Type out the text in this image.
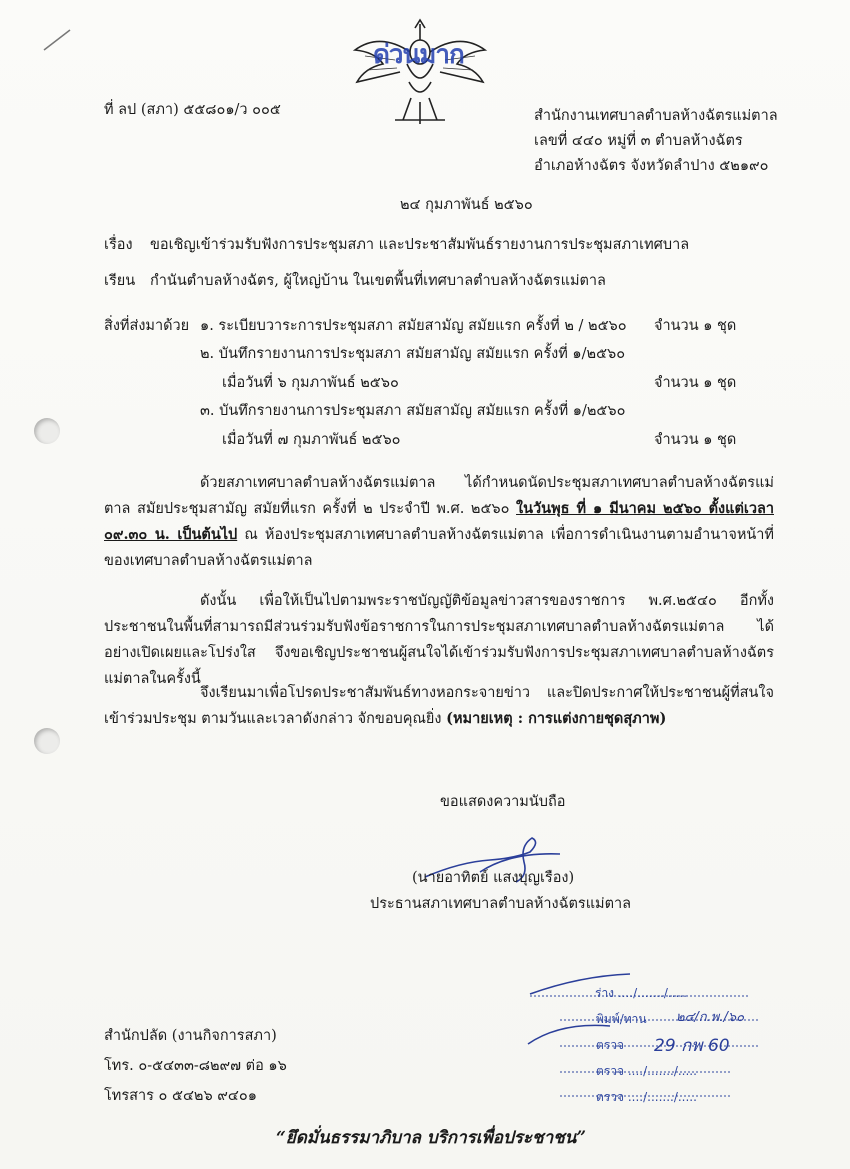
ด่วนมาก
ที่ ลป (สภา) ๕๕๘๐๑/ว ๐๐๕	สำนักงานเทศบาลตำบลห้างฉัตรแม่ตาล
เลขที่ ๔๔๐ หมู่ที่ ๓ ตำบลห้างฉัตร
อำเภอห้างฉัตร จังหวัดลำปาง ๕๒๑๙๐
๒๔ กุมภาพันธ์ ๒๕๖๐
เรื่อง ขอเชิญเข้าร่วมรับฟังการประชุมสภา และประชาสัมพันธ์รายงานการประชุมสภาเทศบาล
เรียน กำนันตำบลห้างฉัตร, ผู้ใหญ่บ้าน ในเขตพื้นที่เทศบาลตำบลห้างฉัตรแม่ตาล
สิ่งที่ส่งมาด้วย ๑. ระเบียบวาระการประชุมสภา สมัยสามัญ สมัยแรก ครั้งที่ ๒ / ๒๕๖๐ จำนวน ๑ ชุด
๒. บันทึกรายงานการประชุมสภา สมัยสามัญ สมัยแรก ครั้งที่ ๑/๒๕๖๐
เมื่อวันที่ ๖ กุมภาพันธ์ ๒๕๖๐	จำนวน ๑ ชุด
๓. บันทึกรายงานการประชุมสภา สมัยสามัญ สมัยแรก ครั้งที่ ๑/๒๕๖๐
เมื่อวันที่ ๗ กุมภาพันธ์ ๒๕๖๐	จำนวน ๑ ชุด
ด้วยสภาเทศบาลตำบลห้างฉัตรแม่ตาล ได้กำหนดนัดประชุมสภาเทศบาลตำบลห้างฉัตรแม่ตาล สมัยประชุมสามัญ สมัยที่แรก ครั้งที่ ๒ ประจำปี พ.ศ. ๒๕๖๐ ในวันพุธ ที่ ๑ มีนาคม ๒๕๖๐ ตั้งแต่เวลา ๐๙.๓๐ น. เป็นต้นไป ณ ห้องประชุมสภาเทศบาลตำบลห้างฉัตรแม่ตาล เพื่อการดำเนินงานตามอำนาจหน้าที่ของเทศบาลตำบลห้างฉัตรแม่ตาล
ดังนั้น เพื่อให้เป็นไปตามพระราชบัญญัติข้อมูลข่าวสารของราชการ พ.ศ.๒๕๔๐ อีกทั้งประชาชนในพื้นที่สามารถมีส่วนร่วมรับฟังข้อราชการในการประชุมสภาเทศบาลตำบลห้างฉัตรแม่ตาล ได้อย่างเปิดเผยและโปร่งใส จึงขอเชิญประชาชนผู้สนใจได้เข้าร่วมรับฟังการประชุมสภาเทศบาลตำบลห้างฉัตรแม่ตาลในครั้งนี้
จึงเรียนมาเพื่อโปรดประชาสัมพันธ์ทางหอกระจายข่าว และปิดประกาศให้ประชาชนผู้ที่สนใจเข้าร่วมประชุม ตามวันและเวลาดังกล่าว จักขอบคุณยิ่ง (หมายเหตุ : การแต่งกายชุดสุภาพ)
ขอแสดงความนับถือ
(นายอาทิตย์ แสงบุญเรือง)
ประธานสภาเทศบาลตำบลห้างฉัตรแม่ตาล
ร่าง ..../......./.....
พิมพ์/ทาน ๒๔/ก.พ./๖๐
ตรวจ 29 กพ 60
ตรวจ ..../......./.....
ตรวจ ..../......./.....
สำนักปลัด (งานกิจการสภา)
โทร. ๐-๕๔๓๓-๘๒๙๗ ต่อ ๑๖
โทรสาร ๐ ๕๔๒๖ ๙๔๐๑
“ยึดมั่นธรรมาภิบาล บริการเพื่อประชาชน”
